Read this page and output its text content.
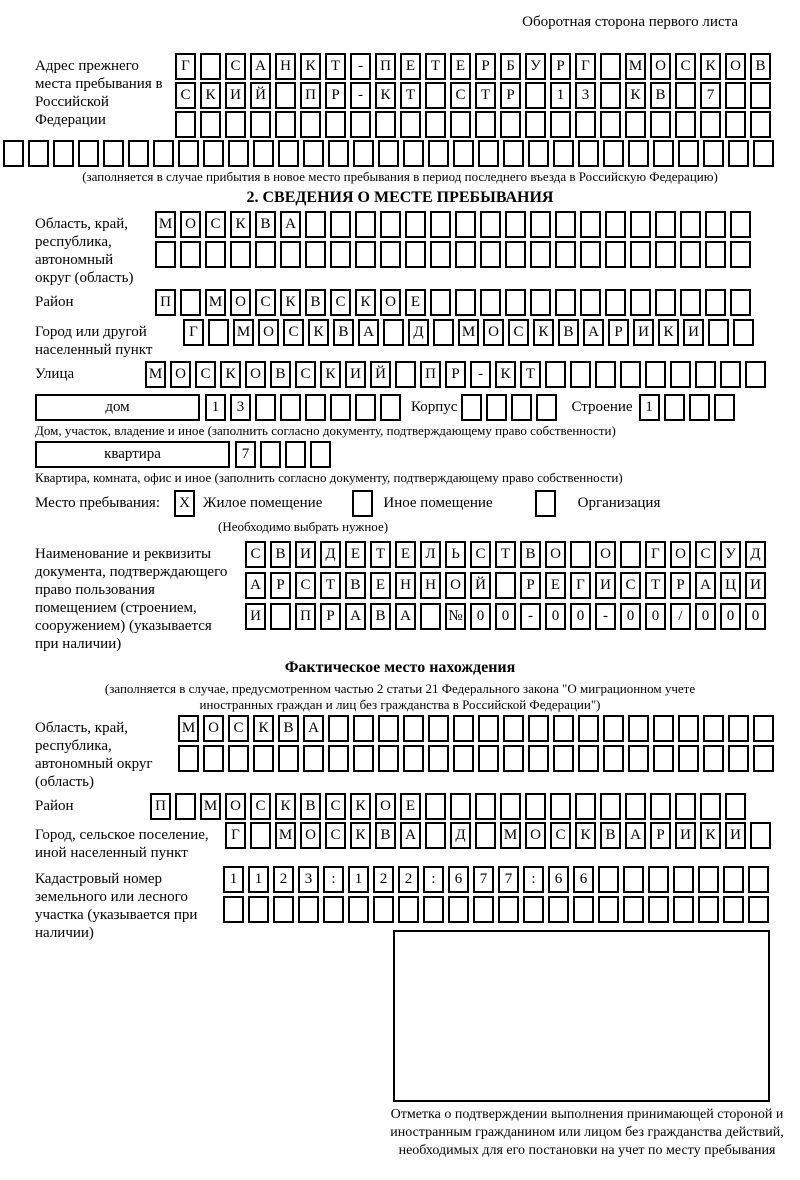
Оборотная сторона первого листа
Адрес прежнего места пребывания в Российской Федерации
Г	С А Н К	Т	-	П Е	Т	Е	Р	Б	У	Р	Г	М О С К О В
С К И Й	П	Р	-	К	Т	С	Т	Р	1	3	К В	7
(заполняется в случае прибытия в новое место пребывания в период последнего въезда в Российскую Федерацию)
2. СВЕДЕНИЯ О МЕСТЕ ПРЕБЫВАНИЯ
Область, край, республика, автономный округ (область)
М О С К В А
Район	П	М О С К В С К О Е
Город или другой населенный пункт
Г	М О С К В А	Д	М О С К В А	Р	И К И
Улица	М О С К О В С К И Й	П	Р	-	К	Т
дом	1	3	Корпус	Строение 1
Дом, участок, владение и иное (заполнить согласно документу, подтверждающему право собственности)
квартира	7
Квартира, комната, офис и иное (заполнить согласно документу, подтверждающему право собственности)
Место пребывания:	X Жилое помещение	Иное помещение	Организация
(Необходимо выбрать нужное)
Наименование и реквизиты документа, подтверждающего право пользования помещением (строением, сооружением) (указывается при наличии)
С В И Д	Е	Т	Е	Л	Ь	С	Т	В О	О	Г	О С У Д
А	Р	С	Т	В	Е	Н Н О Й	Р	Е	Г	И С	Т	Р	А Ц И
И	П	Р	А В А	№ 0	0	-	0	0	-	0	0	/	0	0	0
Фактическое место нахождения
(заполняется в случае, предусмотренном частью 2 статьи 21 Федерального закона "О миграционном учете иностранных граждан и лиц без гражданства в Российской Федерации")
Область, край, республика, автономный округ (область)
М О С К В А
Район	П	М О С К В С К О Е
Город, сельское поселение, иной населенный пункт
Г	М О С К В А	Д	М О С К В А	Р	И К И
Кадастровый номер земельного или лесного участка (указывается при наличии)
1	1	2	3	:	1	2	2	:	6	7	7	:	6	6
Отметка о подтверждении выполнения принимающей стороной и иностранным гражданином или лицом без гражданства действий, необходимых для его постановки на учет по месту пребывания
